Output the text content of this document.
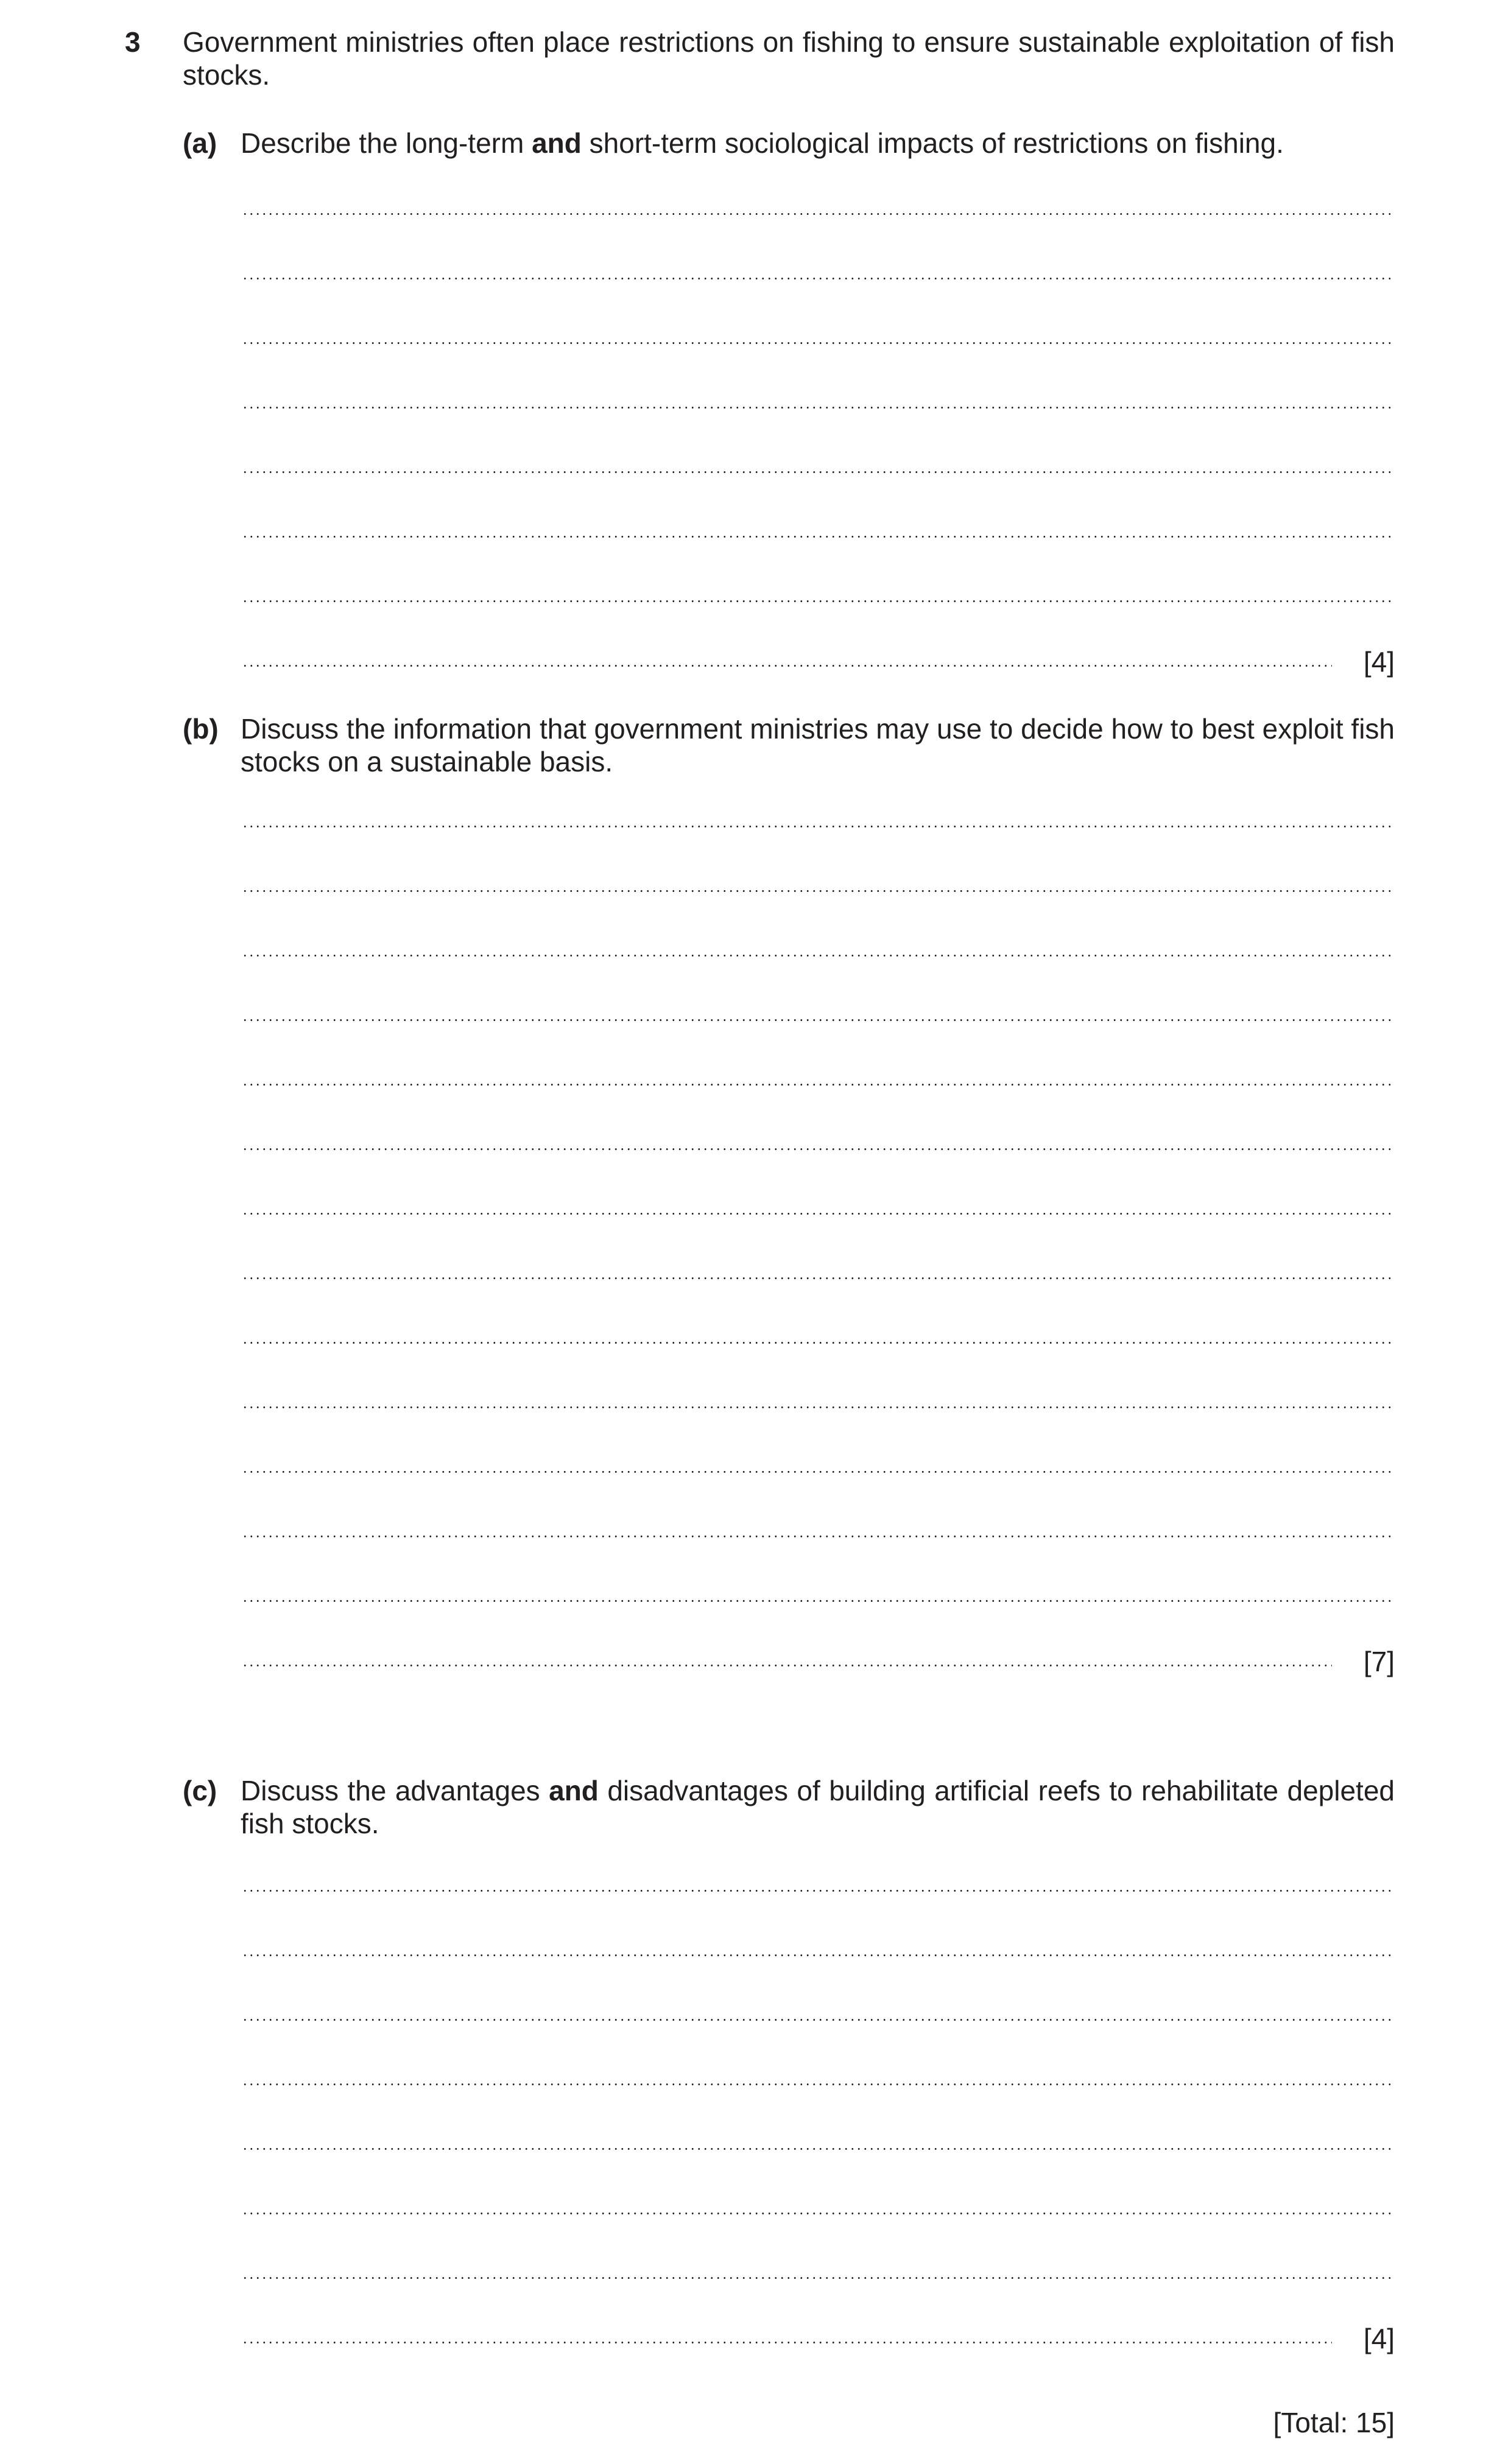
3 Government ministries often place restrictions on fishing to ensure sustainable exploitation of fish stocks.
(a) Describe the long-term and short-term sociological impacts of restrictions on fishing.
[4]
(b) Discuss the information that government ministries may use to decide how to best exploit fish stocks on a sustainable basis.
[7]
(c) Discuss the advantages and disadvantages of building artificial reefs to rehabilitate depleted fish stocks.
[4]
[Total: 15]
